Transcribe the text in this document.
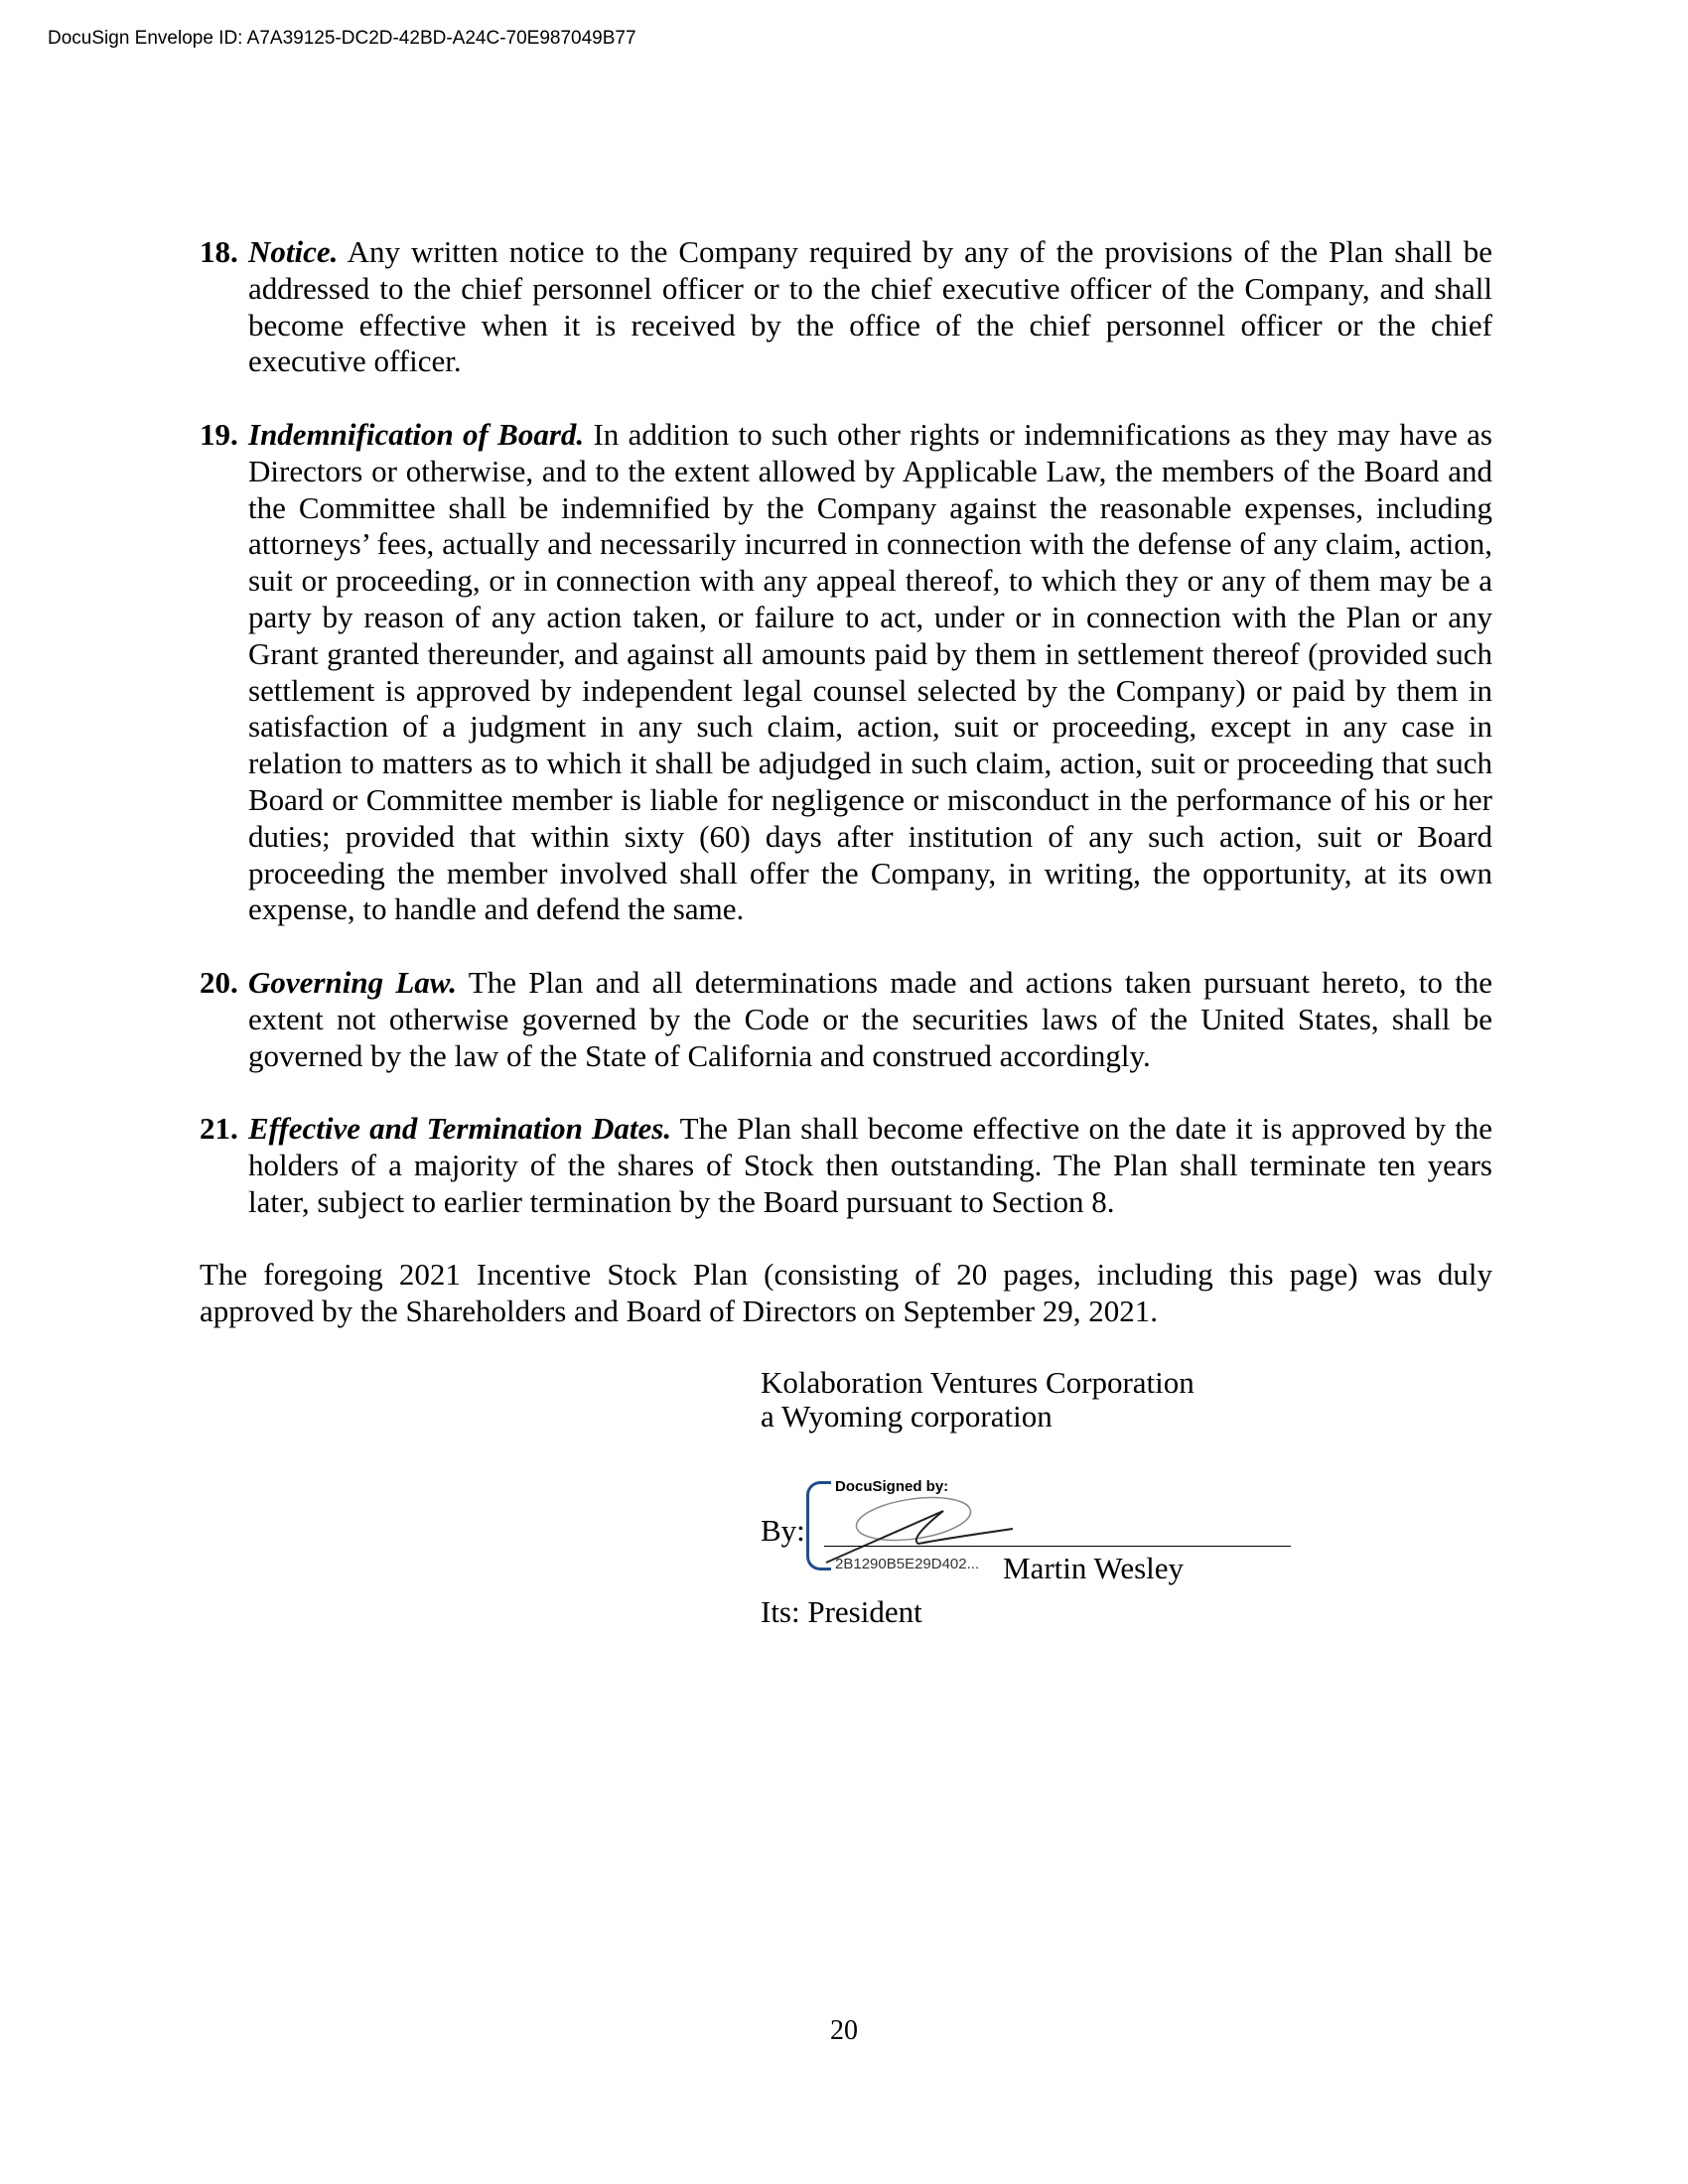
DocuSign Envelope ID: A7A39125-DC2D-42BD-A24C-70E987049B77
18. Notice. Any written notice to the Company required by any of the provisions of the Plan shall be addressed to the chief personnel officer or to the chief executive officer of the Company, and shall become effective when it is received by the office of the chief personnel officer or the chief executive officer.
19. Indemnification of Board. In addition to such other rights or indemnifications as they may have as Directors or otherwise, and to the extent allowed by Applicable Law, the members of the Board and the Committee shall be indemnified by the Company against the reasonable expenses, including attorneys’ fees, actually and necessarily incurred in connection with the defense of any claim, action, suit or proceeding, or in connection with any appeal thereof, to which they or any of them may be a party by reason of any action taken, or failure to act, under or in connection with the Plan or any Grant granted thereunder, and against all amounts paid by them in settlement thereof (provided such settlement is approved by independent legal counsel selected by the Company) or paid by them in satisfaction of a judgment in any such claim, action, suit or proceeding, except in any case in relation to matters as to which it shall be adjudged in such claim, action, suit or proceeding that such Board or Committee member is liable for negligence or misconduct in the performance of his or her duties; provided that within sixty (60) days after institution of any such action, suit or Board proceeding the member involved shall offer the Company, in writing, the opportunity, at its own expense, to handle and defend the same.
20. Governing Law. The Plan and all determinations made and actions taken pursuant hereto, to the extent not otherwise governed by the Code or the securities laws of the United States, shall be governed by the law of the State of California and construed accordingly.
21. Effective and Termination Dates. The Plan shall become effective on the date it is approved by the holders of a majority of the shares of Stock then outstanding. The Plan shall terminate ten years later, subject to earlier termination by the Board pursuant to Section 8.

The foregoing 2021 Incentive Stock Plan (consisting of 20 pages, including this page) was duly approved by the Shareholders and Board of Directors on September 29, 2021.

Kolaboration Ventures Corporation
a Wyoming corporation
DocuSigned by:
By:
2B1290B5E29D402... Martin Wesley
Its: President
20
